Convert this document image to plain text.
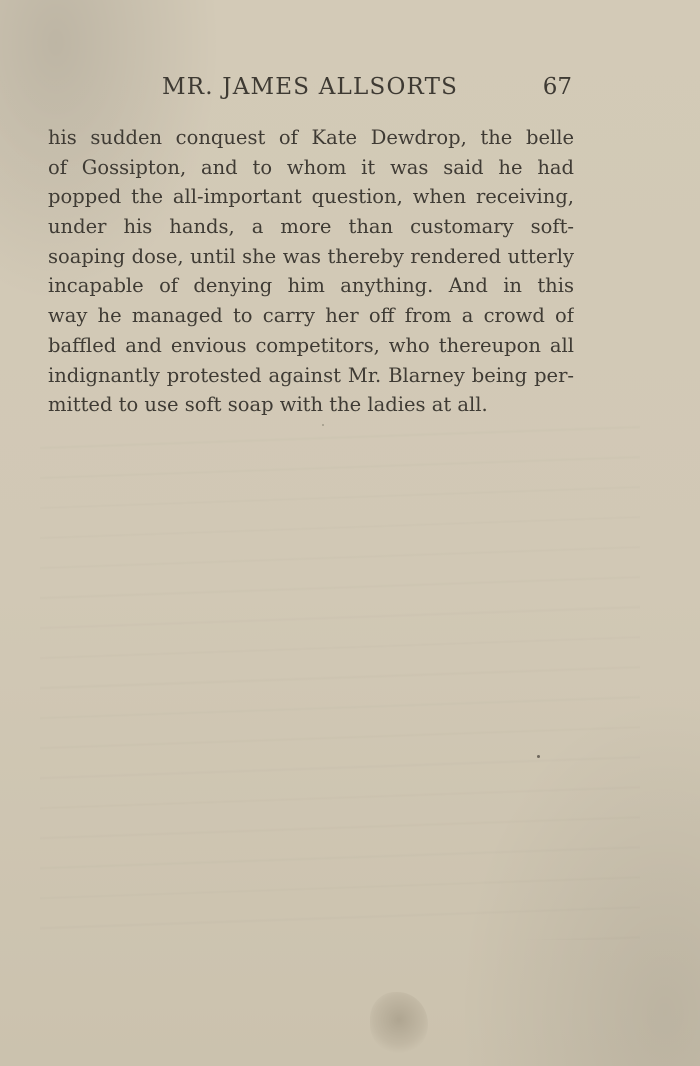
MR. JAMES ALLSORTS	67
his sudden conquest of Kate Dewdrop, the belle
of Gossipton, and to whom it was said he had
popped the all-important question, when receiving,
under his hands, a more than customary soft-
soaping dose, until she was thereby rendered utterly
incapable of denying him anything. And in this
way he managed to carry her off from a crowd of
baffled and envious competitors, who thereupon all
indignantly protested against Mr. Blarney being per-
mitted to use soft soap with the ladies at all.
